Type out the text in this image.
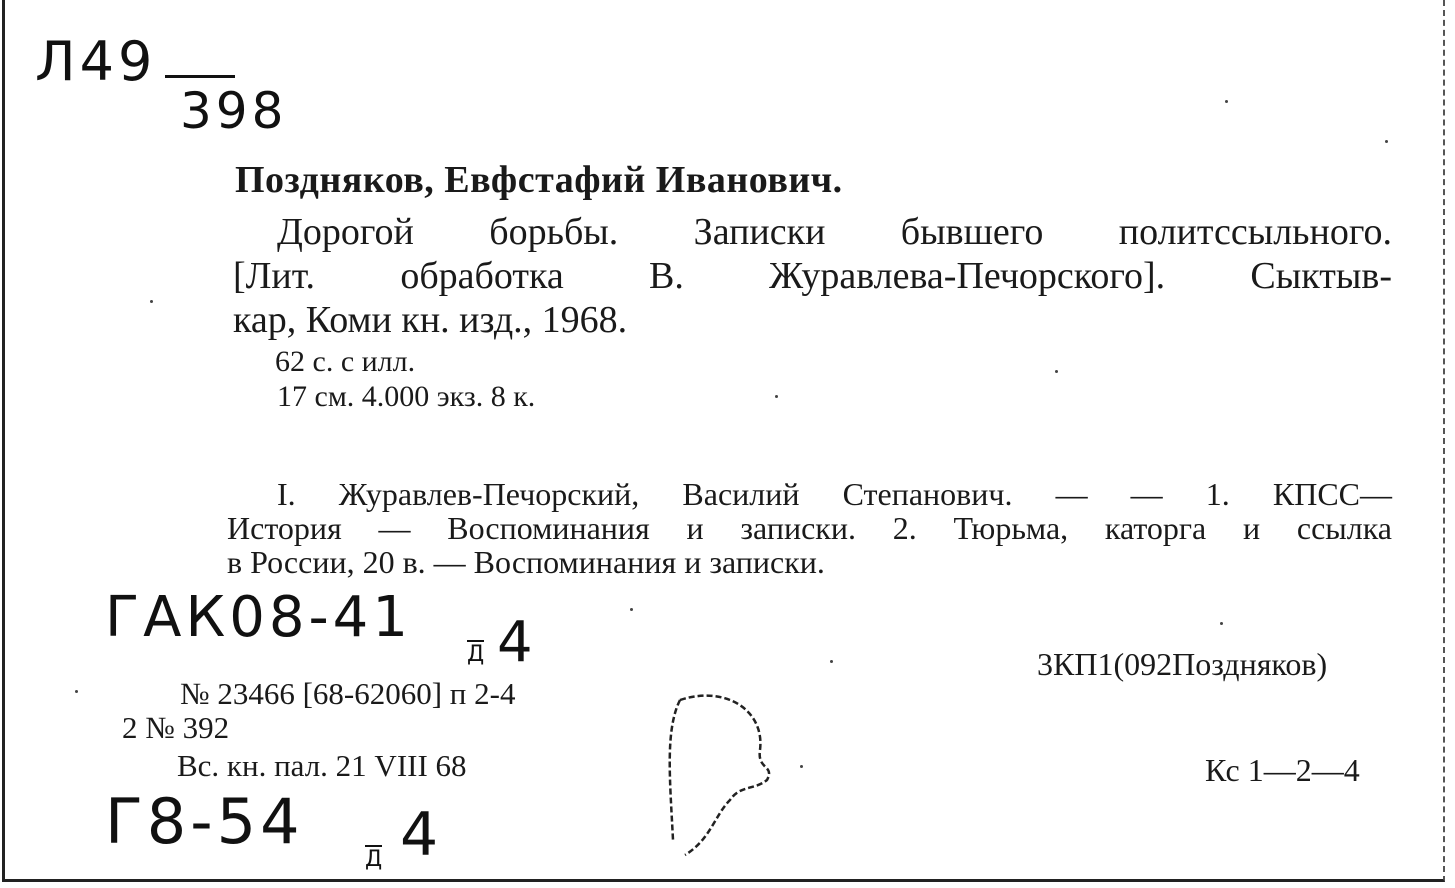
Л49
398
Поздняков, Евфстафий Иванович.
Дорогой борьбы. Записки бывшего политссыльного.
[Лит. обработка В. Журавлева-Печорского]. Сыктыв-
кар, Коми кн. изд., 1968.
62 с. с илл.
17 см. 4.000 экз. 8 к.
I. Журавлев-Печорский, Василий Степанович. — — 1. КПСС—
История — Воспоминания и записки. 2. Тюрьма, каторга и ссылка
в России, 20 в. — Воспоминания и записки.
ГАК08-41
Д 4	3КП1(092Поздняков)
№ 23466 [68-62060] п 2-4
2 № 392
Вс. кн. пал. 21 VIII 68	Кс 1—2—4
Г8-54
Д 4
